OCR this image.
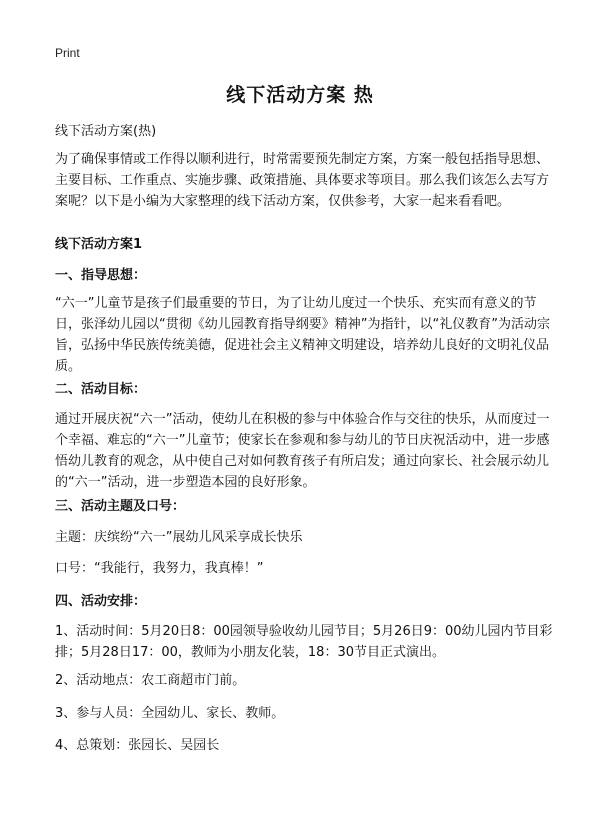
Print
线下活动方案 热
线下活动方案(热)
为了确保事情或工作得以顺利进行，时常需要预先制定方案，方案一般包括指导思想、主要目标、工作重点、实施步骤、政策措施、具体要求等项目。那么我们该怎么去写方案呢？以下是小编为大家整理的线下活动方案，仅供参考，大家一起来看看吧。
线下活动方案1
一、指导思想：
“六一”儿童节是孩子们最重要的节日，为了让幼儿度过一个快乐、充实而有意义的节日，张泽幼儿园以“贯彻《幼儿园教育指导纲要》精神”为指针，以“礼仪教育”为活动宗旨，弘扬中华民族传统美德，促进社会主义精神文明建设，培养幼儿良好的文明礼仪品质。
二、活动目标：
通过开展庆祝“六一”活动，使幼儿在积极的参与中体验合作与交往的快乐，从而度过一个幸福、难忘的“六一”儿童节；使家长在参观和参与幼儿的节日庆祝活动中，进一步感悟幼儿教育的观念，从中使自己对如何教育孩子有所启发；通过向家长、社会展示幼儿的“六一”活动，进一步塑造本园的良好形象。
三、活动主题及口号：
主题：庆缤纷“六一”展幼儿风采享成长快乐
口号：“我能行，我努力，我真棒！”
四、活动安排：
1、活动时间：5月20日8：00园领导验收幼儿园节目；5月26日9：00幼儿园内节目彩排；5月28日17：00，教师为小朋友化装，18：30节目正式演出。
2、活动地点：农工商超市门前。
3、参与人员：全园幼儿、家长、教师。
4、总策划：张园长、吴园长
